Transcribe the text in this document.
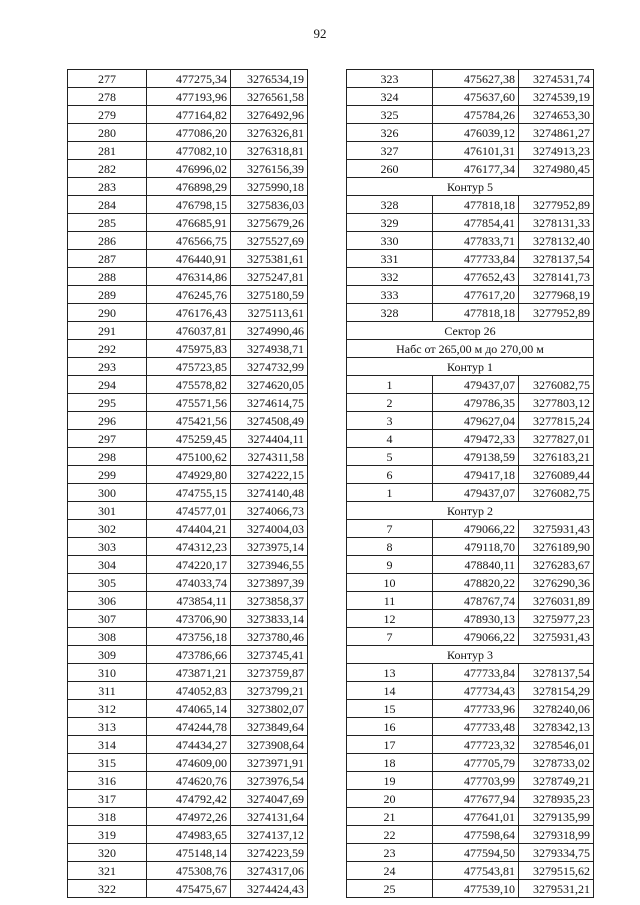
92
277	477275,34	3276534,19
278	477193,96	3276561,58
279	477164,82	3276492,96
280	477086,20	3276326,81
281	477082,10	3276318,81
282	476996,02	3276156,39
283	476898,29	3275990,18
284	476798,15	3275836,03
285	476685,91	3275679,26
286	476566,75	3275527,69
287	476440,91	3275381,61
288	476314,86	3275247,81
289	476245,76	3275180,59
290	476176,43	3275113,61
291	476037,81	3274990,46
292	475975,83	3274938,71
293	475723,85	3274732,99
294	475578,82	3274620,05
295	475571,56	3274614,75
296	475421,56	3274508,49
297	475259,45	3274404,11
298	475100,62	3274311,58
299	474929,80	3274222,15
300	474755,15	3274140,48
301	474577,01	3274066,73
302	474404,21	3274004,03
303	474312,23	3273975,14
304	474220,17	3273946,55
305	474033,74	3273897,39
306	473854,11	3273858,37
307	473706,90	3273833,14
308	473756,18	3273780,46
309	473786,66	3273745,41
310	473871,21	3273759,87
311	474052,83	3273799,21
312	474065,14	3273802,07
313	474244,78	3273849,64
314	474434,27	3273908,64
315	474609,00	3273971,91
316	474620,76	3273976,54
317	474792,42	3274047,69
318	474972,26	3274131,64
319	474983,65	3274137,12
320	475148,14	3274223,59
321	475308,76	3274317,06
322	475475,67	3274424,43
323	475627,38	3274531,74
324	475637,60	3274539,19
325	475784,26	3274653,30
326	476039,12	3274861,27
327	476101,31	3274913,23
260	476177,34	3274980,45
Контур 5		
328	477818,18	3277952,89
329	477854,41	3278131,33
330	477833,71	3278132,40
331	477733,84	3278137,54
332	477652,43	3278141,73
333	477617,20	3277968,19
328	477818,18	3277952,89
Сектор 26		
Набс от 265,00 м до 270,00 м		
Контур 1		
1	479437,07	3276082,75
2	479786,35	3277803,12
3	479627,04	3277815,24
4	479472,33	3277827,01
5	479138,59	3276183,21
6	479417,18	3276089,44
1	479437,07	3276082,75
Контур 2		
7	479066,22	3275931,43
8	479118,70	3276189,90
9	478840,11	3276283,67
10	478820,22	3276290,36
11	478767,74	3276031,89
12	478930,13	3275977,23
7	479066,22	3275931,43
Контур 3		
13	477733,84	3278137,54
14	477734,43	3278154,29
15	477733,96	3278240,06
16	477733,48	3278342,13
17	477723,32	3278546,01
18	477705,79	3278733,02
19	477703,99	3278749,21
20	477677,94	3278935,23
21	477641,01	3279135,99
22	477598,64	3279318,99
23	477594,50	3279334,75
24	477543,81	3279515,62
25	477539,10	3279531,21
